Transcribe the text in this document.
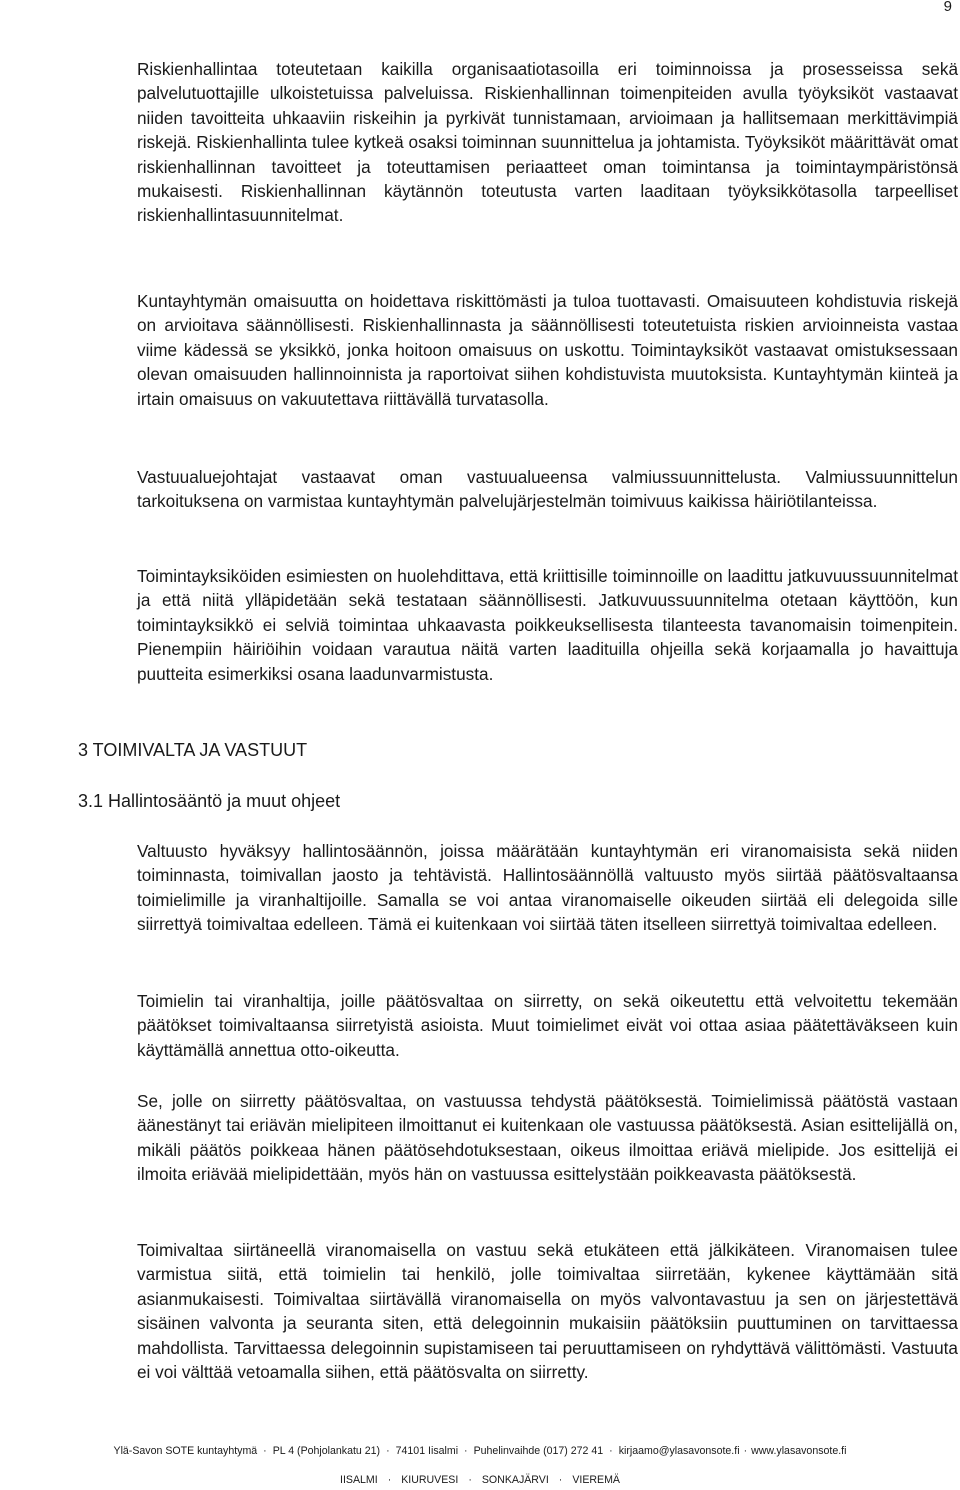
9

Riskienhallintaa toteutetaan kaikilla organisaatiotasoilla eri toiminnoissa ja prosesseissa sekä palvelutuottajille ulkoistetuissa palveluissa. Riskienhallinnan toimenpiteiden avulla työyksiköt vastaavat niiden tavoitteita uhkaaviin riskeihin ja pyrkivät tunnistamaan, arvioimaan ja hallitsemaan merkittävimpiä riskejä. Riskienhallinta tulee kytkeä osaksi toiminnan suunnittelua ja johtamista. Työyksiköt määrittävät omat riskienhallinnan tavoitteet ja toteuttamisen periaatteet oman toimintansa ja toimintaympäristönsä mukaisesti. Riskienhallinnan käytännön toteutusta varten laaditaan työyksikkötasolla tarpeelliset riskienhallintasuunnitelmat.

Kuntayhtymän omaisuutta on hoidettava riskittömästi ja tuloa tuottavasti. Omaisuuteen kohdistuvia riskejä on arvioitava säännöllisesti. Riskienhallinnasta ja säännöllisesti toteutetuista riskien arvioinneista vastaa viime kädessä se yksikkö, jonka hoitoon omaisuus on uskottu. Toimintayksiköt vastaavat omistuksessaan olevan omaisuuden hallinnoinnista ja raportoivat siihen kohdistuvista muutoksista. Kuntayhtymän kiinteä ja irtain omaisuus on vakuutettava riittävällä turvatasolla.

Vastuualuejohtajat vastaavat oman vastuualueensa valmiussuunnittelusta. Valmiussuunnittelun tarkoituksena on varmistaa kuntayhtymän palvelujärjestelmän toimivuus kaikissa häiriötilanteissa.

Toimintayksiköiden esimiesten on huolehdittava, että kriittisille toiminnoille on laadittu jatkuvuussuunnitelmat ja että niitä ylläpidetään sekä testataan säännöllisesti. Jatkuvuussuunnitelma otetaan käyttöön, kun toimintayksikkö ei selviä toimintaa uhkaavasta poikkeuksellisesta tilanteesta tavanomaisin toimenpitein. Pienempiin häiriöihin voidaan varautua näitä varten laadituilla ohjeilla sekä korjaamalla jo havaittuja puutteita esimerkiksi osana laadunvarmistusta.

3 TOIMIVALTA JA VASTUUT
3.1 Hallintosääntö ja muut ohjeet

Valtuusto hyväksyy hallintosäännön, joissa määrätään kuntayhtymän eri viranomaisista sekä niiden toiminnasta, toimivallan jaosto ja tehtävistä. Hallintosäännöllä valtuusto myös siirtää päätösvaltaansa toimielimille ja viranhaltijoille. Samalla se voi antaa viranomaiselle oikeuden siirtää eli delegoida sille siirrettyä toimivaltaa edelleen. Tämä ei kuitenkaan voi siirtää täten itselleen siirrettyä toimivaltaa edelleen.

Toimielin tai viranhaltija, joille päätösvaltaa on siirretty, on sekä oikeutettu että velvoitettu tekemään päätökset toimivaltaansa siirretyistä asioista. Muut toimielimet eivät voi ottaa asiaa päätettäväkseen kuin käyttämällä annettua otto-oikeutta.

Se, jolle on siirretty päätösvaltaa, on vastuussa tehdystä päätöksestä. Toimielimissä päätöstä vastaan äänestänyt tai eriävän mielipiteen ilmoittanut ei kuitenkaan ole vastuussa päätöksestä. Asian esittelijällä on, mikäli päätös poikkeaa hänen päätösehdotuksestaan, oikeus ilmoittaa eriävä mielipide. Jos esittelijä ei ilmoita eriävää mielipidettään, myös hän on vastuussa esittelystään poikkeavasta päätöksestä.

Toimivaltaa siirtäneellä viranomaisella on vastuu sekä etukäteen että jälkikäteen. Viranomaisen tulee varmistua siitä, että toimielin tai henkilö, jolle toimivaltaa siirretään, kykenee käyttämään sitä asianmukaisesti. Toimivaltaa siirtävällä viranomaisella on myös valvontavastuu ja sen on järjestettävä sisäinen valvonta ja seuranta siten, että delegoinnin mukaisiin päätöksiin puuttuminen on tarvittaessa mahdollista. Tarvittaessa delegoinnin supistamiseen tai peruuttamiseen on ryhdyttävä välittömästi. Vastuuta ei voi välttää vetoamalla siihen, että päätösvalta on siirretty.

Ylä-Savon SOTE kuntayhtymä · PL 4 (Pohjolankatu 21) · 74101 Iisalmi · Puhelinvaihde (017) 272 41 · kirjaamo@ylasavonsote.fi · www.ylasavonsote.fi
IISALMI · KIURUVESI · SONKAJÄRVI · VIEREMÄ
